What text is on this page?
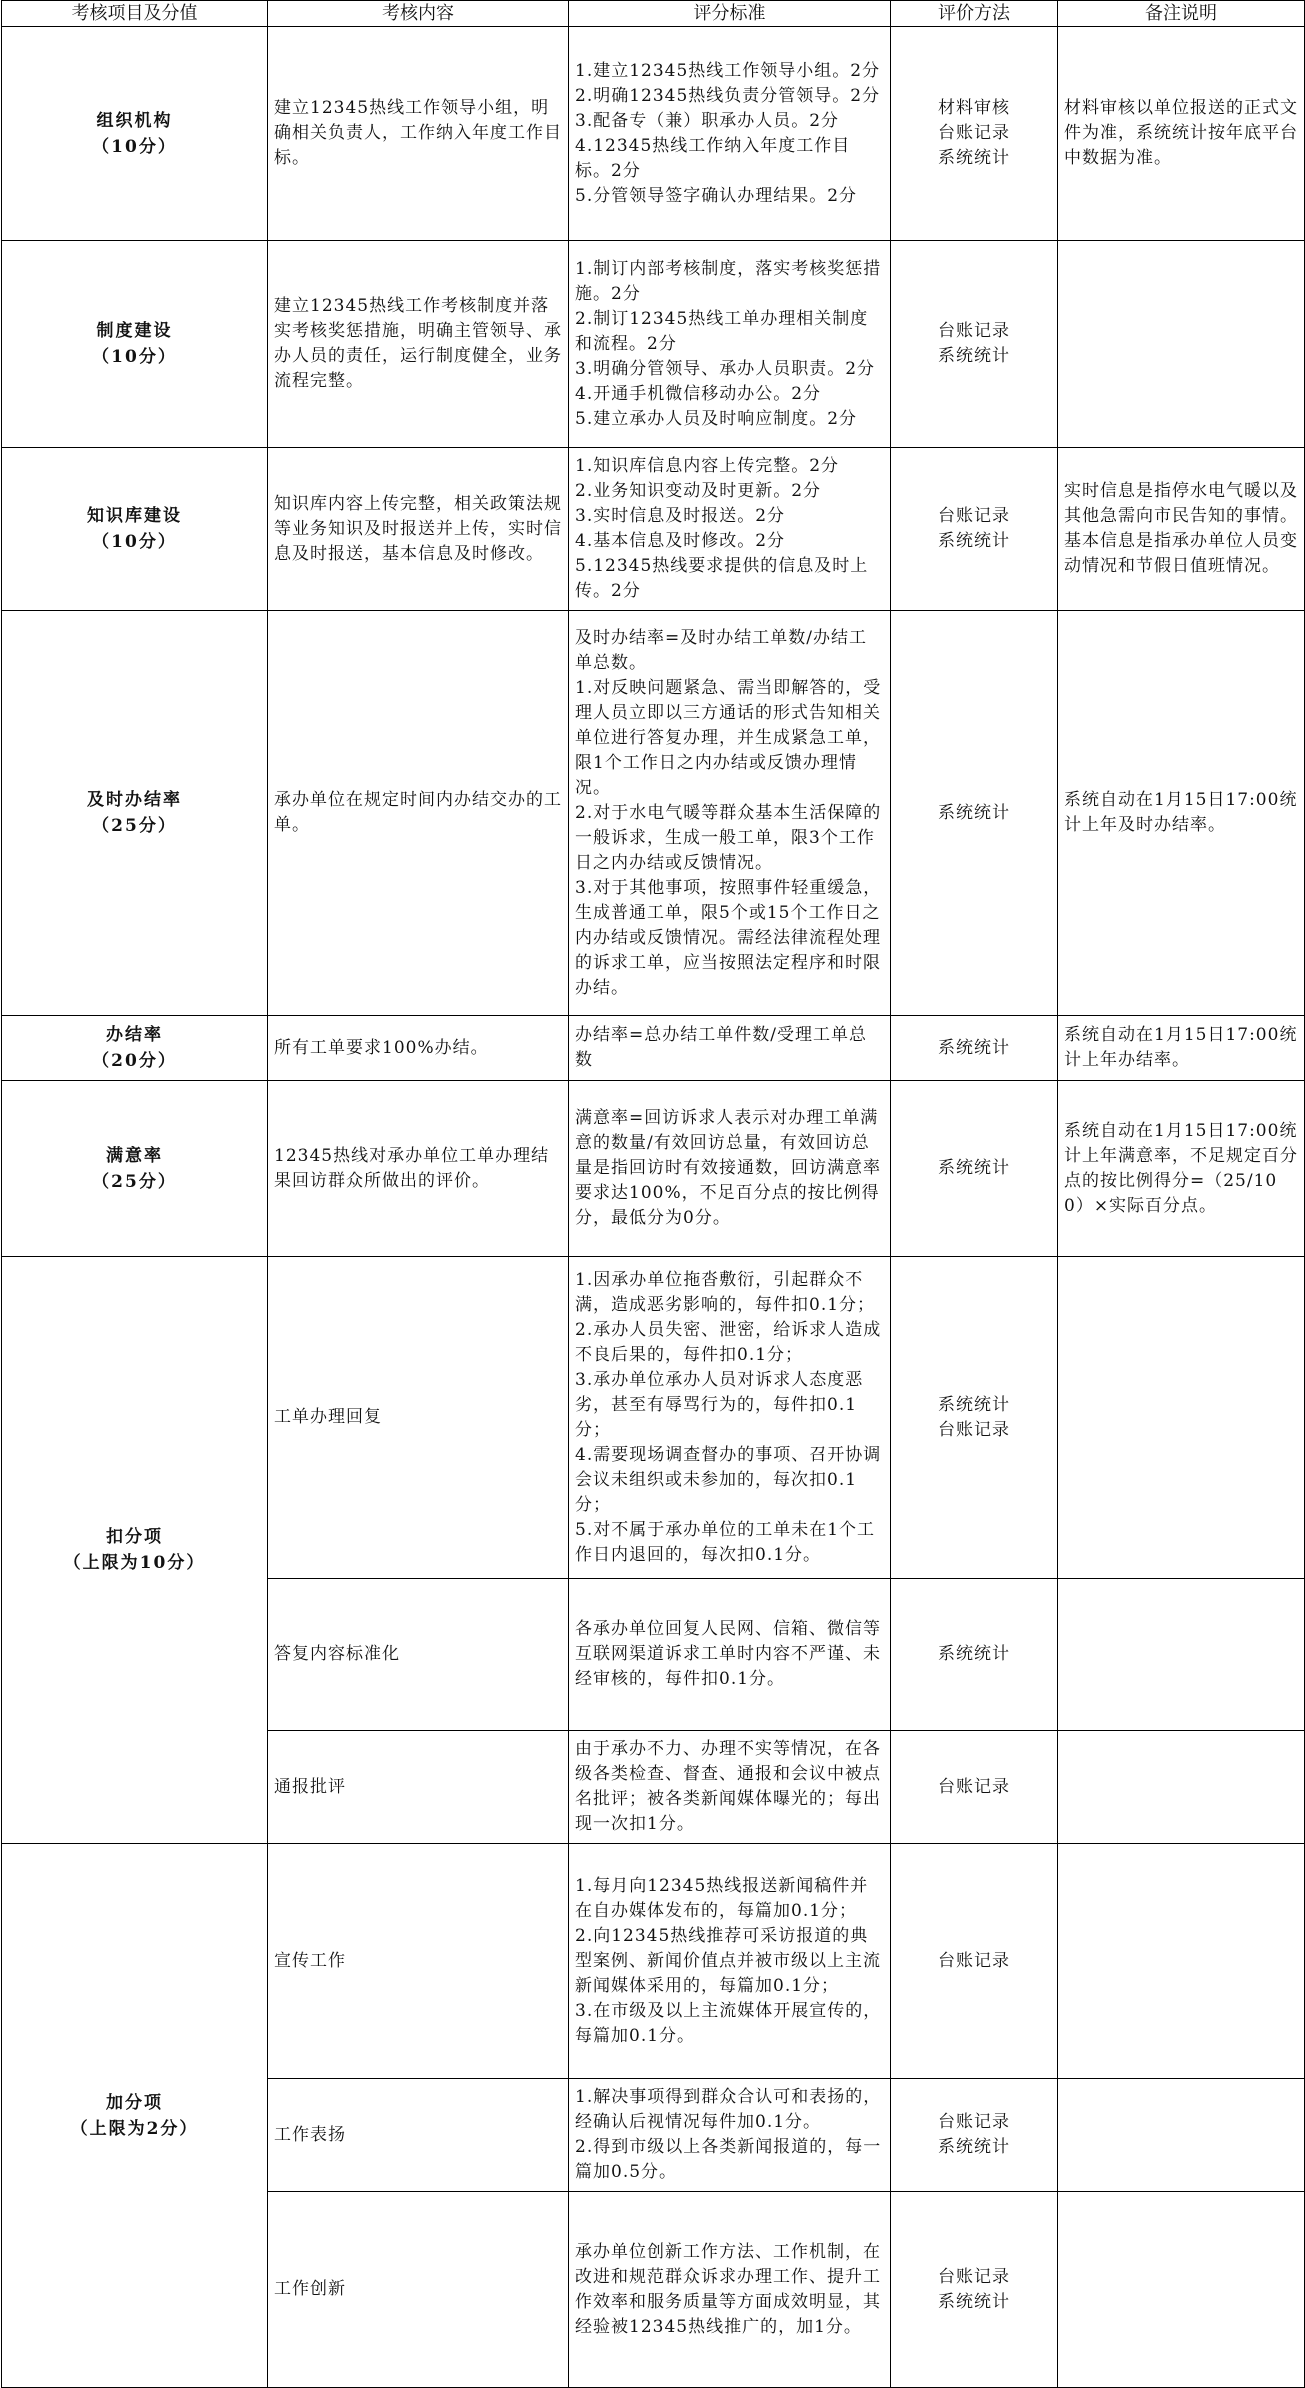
考核项目及分值	考核内容	评分标准	评价方法	备注说明

组织机构
（10分）	建立12345热线工作领导小组，明确相关负责人，工作纳入年度工作目标。	1.建立12345热线工作领导小组。2分
2.明确12345热线负责分管领导。2分
3.配备专（兼）职承办人员。2分
4.12345热线工作纳入年度工作目标。2分
5.分管领导签字确认办理结果。2分	材料审核
台账记录
系统统计	材料审核以单位报送的正式文件为准，系统统计按年底平台中数据为准。

制度建设
（10分）	建立12345热线工作考核制度并落实考核奖惩措施，明确主管领导、承办人员的责任，运行制度健全，业务流程完整。	1.制订内部考核制度，落实考核奖惩措施。2分
2.制订12345热线工单办理相关制度和流程。2分
3.明确分管领导、承办人员职责。2分
4.开通手机微信移动办公。2分
5.建立承办人员及时响应制度。2分	台账记录
系统统计	

知识库建设
（10分）	知识库内容上传完整，相关政策法规等业务知识及时报送并上传，实时信息及时报送，基本信息及时修改。	1.知识库信息内容上传完整。2分
2.业务知识变动及时更新。2分
3.实时信息及时报送。2分
4.基本信息及时修改。2分
5.12345热线要求提供的信息及时上传。2分	台账记录
系统统计	实时信息是指停水电气暖以及其他急需向市民告知的事情。基本信息是指承办单位人员变动情况和节假日值班情况。

及时办结率
（25分）	承办单位在规定时间内办结交办的工单。	及时办结率=及时办结工单数/办结工单总数。
1.对反映问题紧急、需当即解答的，受理人员立即以三方通话的形式告知相关单位进行答复办理，并生成紧急工单，限1个工作日之内办结或反馈办理情况。
2.对于水电气暖等群众基本生活保障的一般诉求，生成一般工单，限3个工作日之内办结或反馈情况。
3.对于其他事项，按照事件轻重缓急，生成普通工单，限5个或15个工作日之内办结或反馈情况。需经法律流程处理的诉求工单，应当按照法定程序和时限办结。	系统统计	系统自动在1月15日17:00统计上年及时办结率。

办结率
（20分）	所有工单要求100%办结。	办结率=总办结工单件数/受理工单总数	系统统计	系统自动在1月15日17:00统计上年办结率。

满意率
（25分）	12345热线对承办单位工单办理结果回访群众所做出的评价。	满意率=回访诉求人表示对办理工单满意的数量/有效回访总量，有效回访总量是指回访时有效接通数，回访满意率要求达100%，不足百分点的按比例得分，最低分为0分。	系统统计	系统自动在1月15日17:00统计上年满意率，不足规定百分点的按比例得分=（25/100）×实际百分点。

扣分项
（上限为10分）	工单办理回复	1.因承办单位拖沓敷衍，引起群众不满，造成恶劣影响的，每件扣0.1分；
2.承办人员失密、泄密，给诉求人造成不良后果的，每件扣0.1分；
3.承办单位承办人员对诉求人态度恶劣，甚至有辱骂行为的，每件扣0.1分；
4.需要现场调查督办的事项、召开协调会议未组织或未参加的，每次扣0.1分；
5.对不属于承办单位的工单未在1个工作日内退回的，每次扣0.1分。	系统统计
台账记录	

	答复内容标准化	各承办单位回复人民网、信箱、微信等互联网渠道诉求工单时内容不严谨、未经审核的，每件扣0.1分。	系统统计	

	通报批评	由于承办不力、办理不实等情况，在各级各类检查、督查、通报和会议中被点名批评；被各类新闻媒体曝光的；每出现一次扣1分。	台账记录	

加分项
（上限为2分）	宣传工作	1.每月向12345热线报送新闻稿件并在自办媒体发布的，每篇加0.1分；
2.向12345热线推荐可采访报道的典型案例、新闻价值点并被市级以上主流新闻媒体采用的，每篇加0.1分；
3.在市级及以上主流媒体开展宣传的，每篇加0.1分。	台账记录	

	工作表扬	1.解决事项得到群众合认可和表扬的，经确认后视情况每件加0.1分。
2.得到市级以上各类新闻报道的，每一篇加0.5分。	台账记录
系统统计	

	工作创新	承办单位创新工作方法、工作机制，在改进和规范群众诉求办理工作、提升工作效率和服务质量等方面成效明显，其经验被12345热线推广的，加1分。	台账记录
系统统计	
